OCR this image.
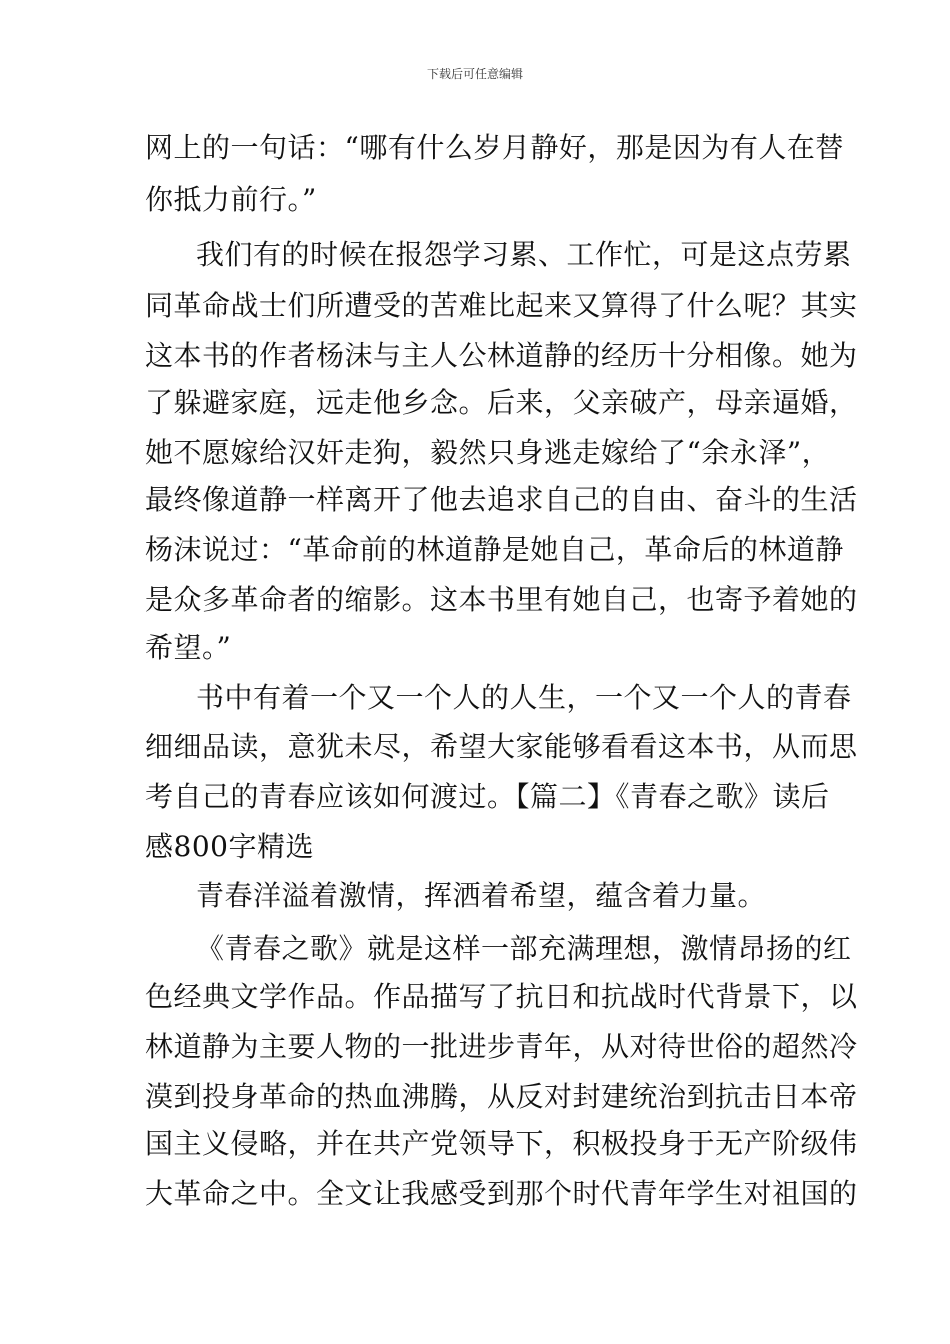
下载后可任意编辑
网上的一句话：“哪有什么岁月静好，那是因为有人在替
你抵力前行。”
我们有的时候在报怨学习累、工作忙，可是这点劳累
同革命战士们所遭受的苦难比起来又算得了什么呢？其实
这本书的作者杨沫与主人公林道静的经历十分相像。她为
了躲避家庭，远走他乡念。后来，父亲破产，母亲逼婚，
她不愿嫁给汉奸走狗，毅然只身逃走嫁给了“余永泽”，
最终像道静一样离开了他去追求自己的自由、奋斗的生活
杨沫说过：“革命前的林道静是她自己，革命后的林道静
是众多革命者的缩影。这本书里有她自己，也寄予着她的
希望。”
书中有着一个又一个人的人生，一个又一个人的青春
细细品读，意犹未尽，希望大家能够看看这本书，从而思
考自己的青春应该如何渡过。【篇二】《青春之歌》读后
感800字精选
青春洋溢着激情，挥洒着希望，蕴含着力量。
《青春之歌》就是这样一部充满理想，激情昂扬的红
色经典文学作品。作品描写了抗日和抗战时代背景下，以
林道静为主要人物的一批进步青年，从对待世俗的超然冷
漠到投身革命的热血沸腾，从反对封建统治到抗击日本帝
国主义侵略，并在共产党领导下，积极投身于无产阶级伟
大革命之中。全文让我感受到那个时代青年学生对祖国的
